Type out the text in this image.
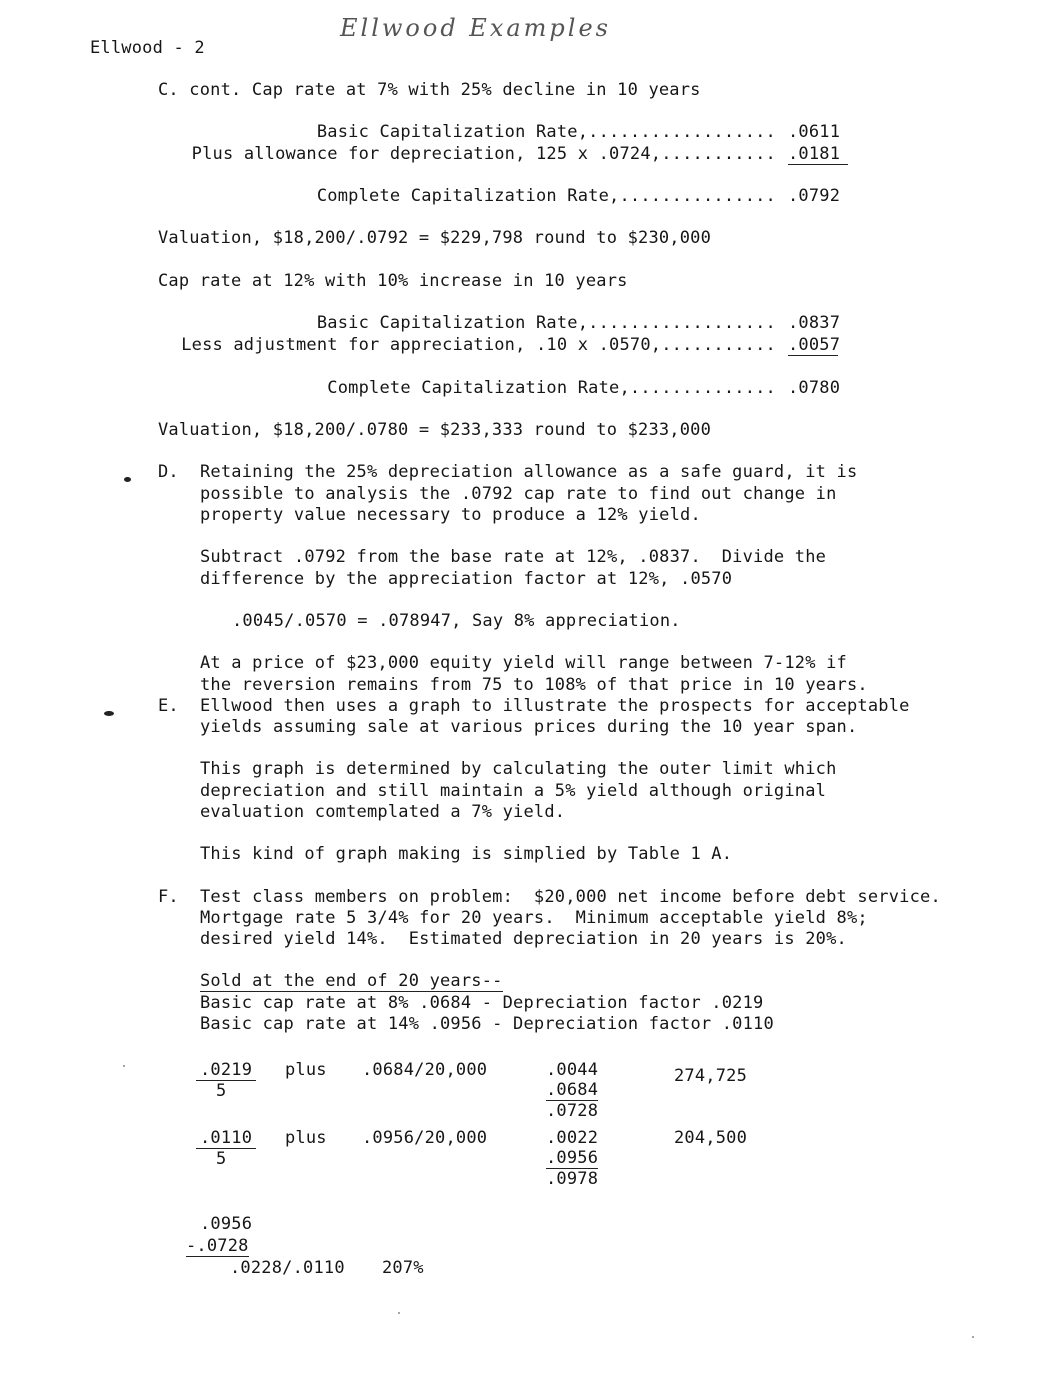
Ellwood - 2
Ellwood Examples
C. cont. Cap rate at 7% with 25% decline in 10 years
Basic Capitalization Rate,.................. .0611
Plus allowance for depreciation, 125 x .0724,........... .0181
Complete Capitalization Rate,............... .0792
Valuation, $18,200/.0792 = $229,798 round to $230,000
Cap rate at 12% with 10% increase in 10 years
Basic Capitalization Rate,.................. .0837
Less adjustment for appreciation, .10 x .0570,........... .0057
Complete Capitalization Rate,.............. .0780
Valuation, $18,200/.0780 = $233,333 round to $233,000
D. Retaining the 25% depreciation allowance as a safe guard, it is
possible to analysis the .0792 cap rate to find out change in
property value necessary to produce a 12% yield.
Subtract .0792 from the base rate at 12%, .0837.  Divide the
difference by the appreciation factor at 12%, .0570
.0045/.0570 = .078947, Say 8% appreciation.
At a price of $23,000 equity yield will range between 7-12% if
the reversion remains from 75 to 108% of that price in 10 years.
E. Ellwood then uses a graph to illustrate the prospects for acceptable
yields assuming sale at various prices during the 10 year span.
This graph is determined by calculating the outer limit which
depreciation and still maintain a 5% yield although original
evaluation comtemplated a 7% yield.
This kind of graph making is simplied by Table 1 A.
F. Test class members on problem:  $20,000 net income before debt service.
Mortgage rate 5 3/4% for 20 years.  Minimum acceptable yield 8%;
desired yield 14%.  Estimated depreciation in 20 years is 20%.
Sold at the end of 20 years--
Basic cap rate at 8% .0684 - Depreciation factor .0219
Basic cap rate at 14% .0956 - Depreciation factor .0110
$\frac{.0219}{5}$ plus .0684/20,000	.0044
.0684
.0728
274,725
$\frac{.0110}{5}$ plus .0956/20,000	.0022
.0956
.0978
204,500
.0956
-.0728
.0228/.0110 207%
